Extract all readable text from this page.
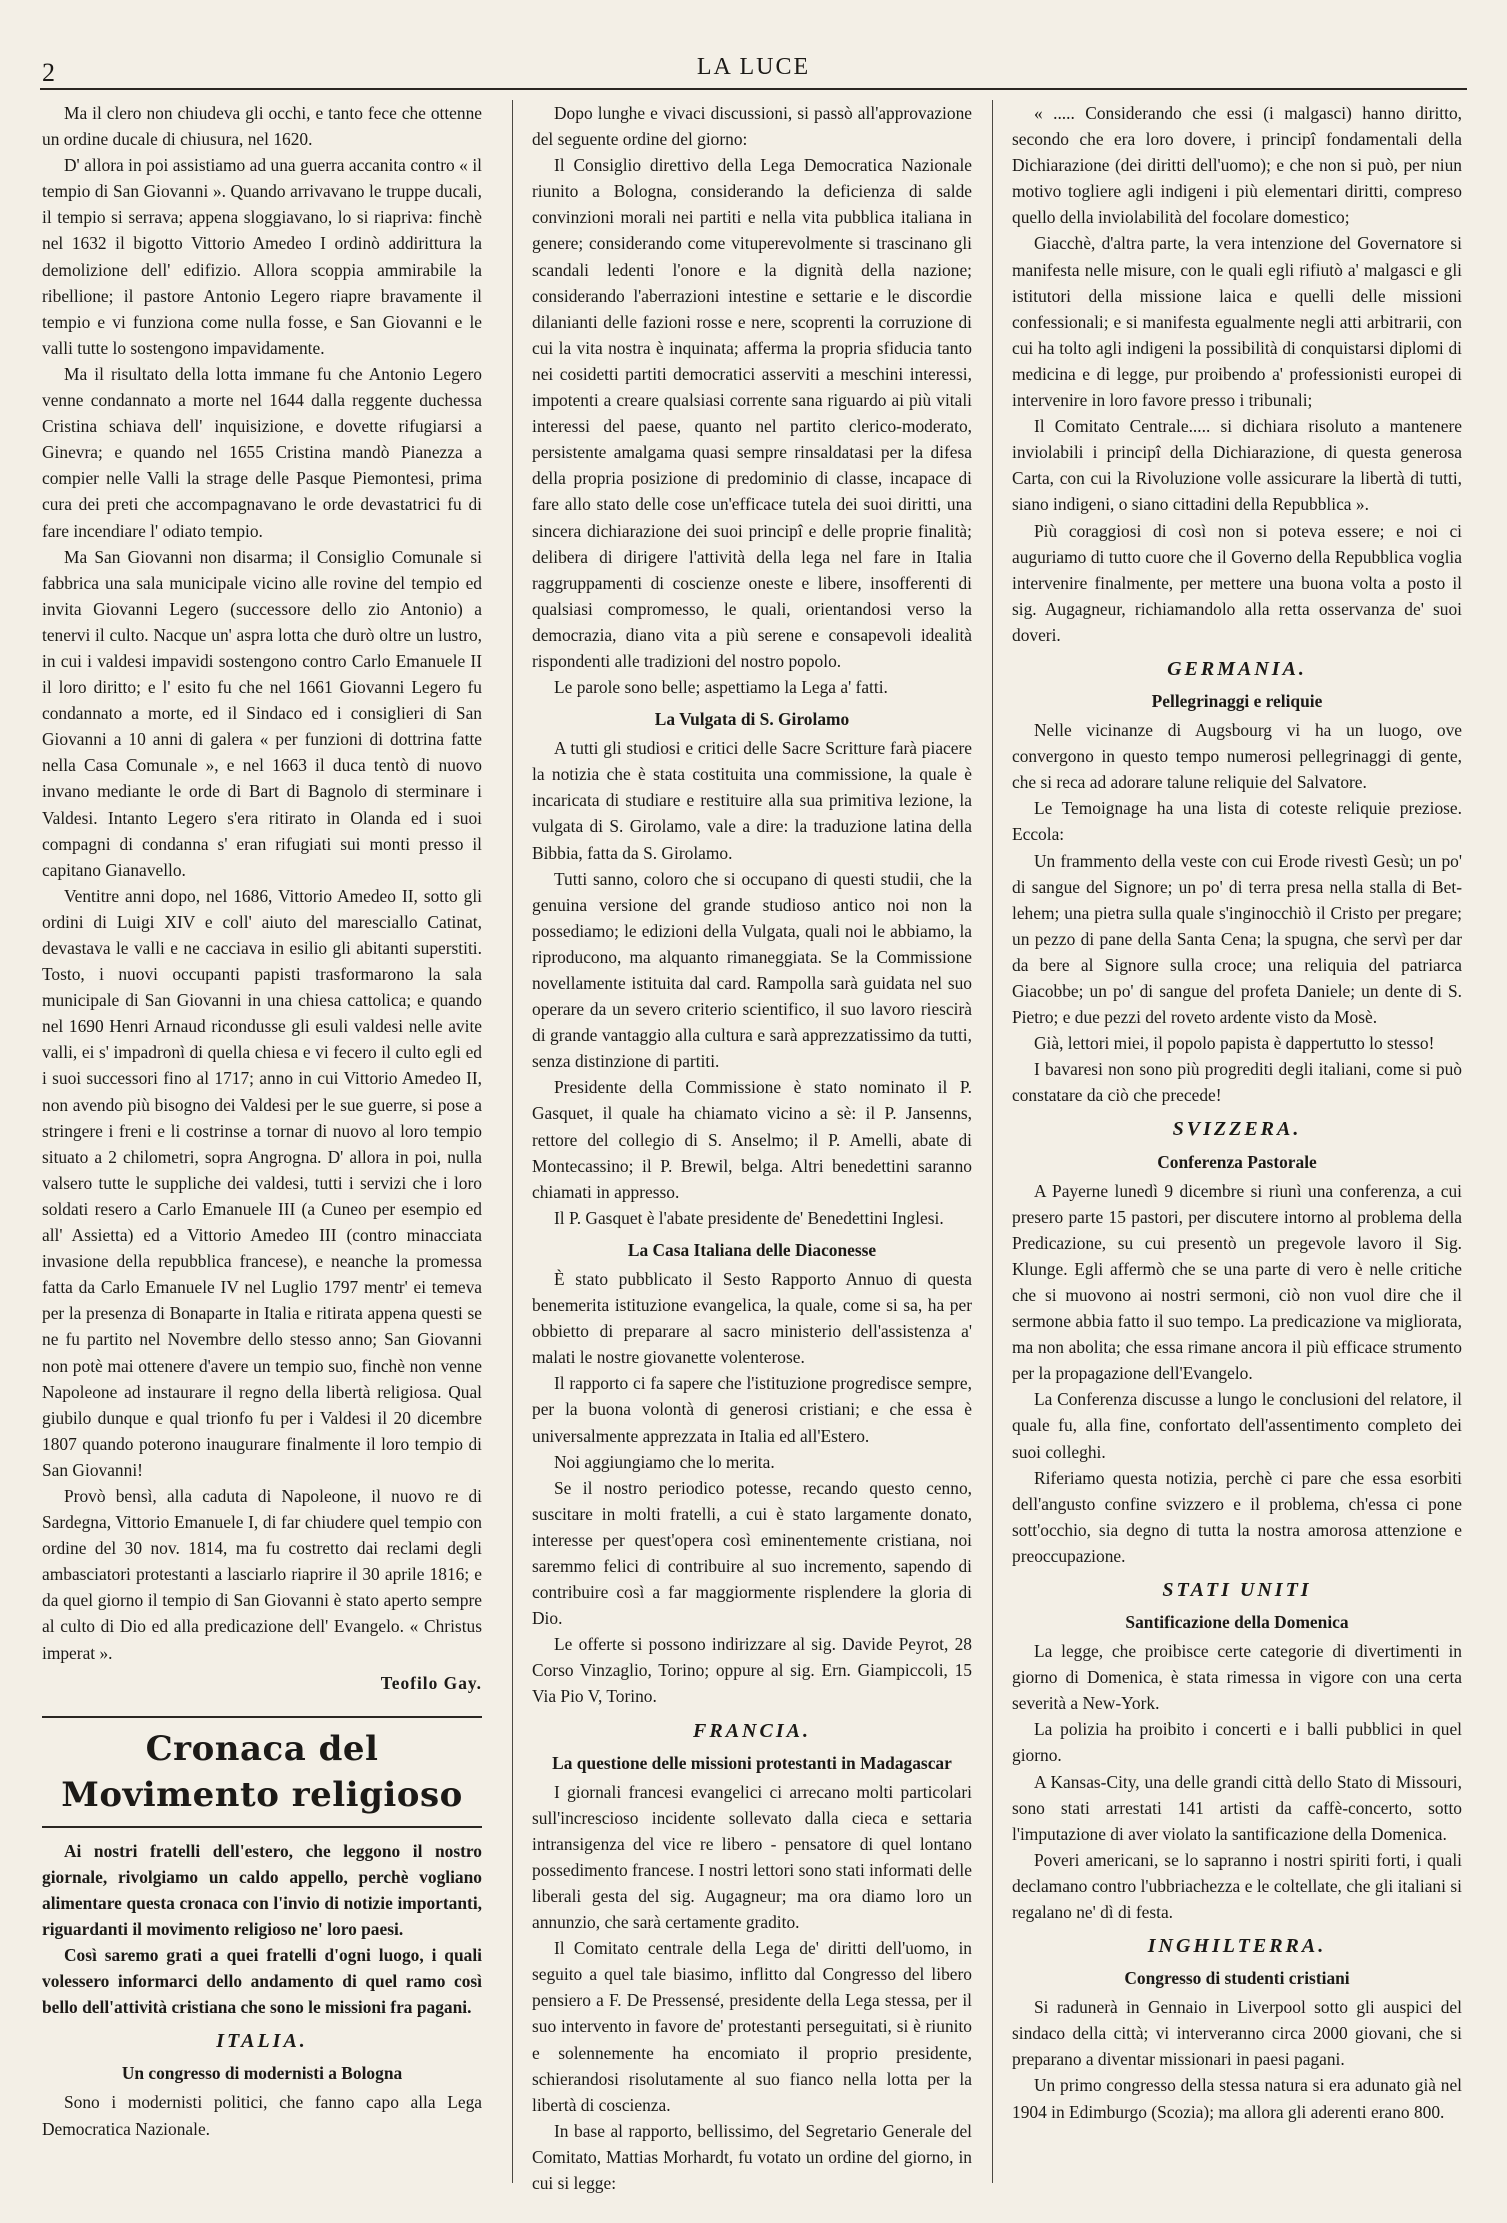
2	LA LUCE

Ma il clero non chiudeva gli occhi, e tanto fece che ottenne un ordine ducale di chiusura, nel 1620.

D' allora in poi assistiamo ad una guerra accanita contro « il tempio di San Giovanni ». Quando arrivavano le truppe ducali, il tempio si serrava; appena sloggiavano, lo si riapriva: finchè nel 1632 il bigotto Vittorio Amedeo I ordinò addirittura la demolizione dell' edifizio. Allora scoppia ammirabile la ribellione; il pastore Antonio Legero riapre bravamente il tempio e vi funziona come nulla fosse, e San Giovanni e le valli tutte lo sostengono impavidamente.

Ma il risultato della lotta immane fu che Antonio Legero venne condannato a morte nel 1644 dalla reggente duchessa Cristina schiava dell' inquisizione, e dovette rifugiarsi a Ginevra; e quando nel 1655 Cristina mandò Pianezza a compier nelle Valli la strage delle Pasque Piemontesi, prima cura dei preti che accompagnavano le orde devastatrici fu di fare incendiare l' odiato tempio.

Ma San Giovanni non disarma; il Consiglio Comunale si fabbrica una sala municipale vicino alle rovine del tempio ed invita Giovanni Legero (successore dello zio Antonio) a tenervi il culto. Nacque un' aspra lotta che durò oltre un lustro, in cui i valdesi impavidi sostengono contro Carlo Emanuele II il loro diritto; e l' esito fu che nel 1661 Giovanni Legero fu condannato a morte, ed il Sindaco ed i consiglieri di San Giovanni a 10 anni di galera « per funzioni di dottrina fatte nella Casa Comunale », e nel 1663 il duca tentò di nuovo invano mediante le orde di Bart di Bagnolo di sterminare i Valdesi. Intanto Legero s'era ritirato in Olanda ed i suoi compagni di condanna s' eran rifugiati sui monti presso il capitano Gianavello.

Ventitre anni dopo, nel 1686, Vittorio Amedeo II, sotto gli ordini di Luigi XIV e coll' aiuto del maresciallo Catinat, devastava le valli e ne cacciava in esilio gli abitanti superstiti. Tosto, i nuovi occupanti papisti trasformarono la sala municipale di San Giovanni in una chiesa cattolica; e quando nel 1690 Henri Arnaud ricondusse gli esuli valdesi nelle avite valli, ei s' impadronì di quella chiesa e vi fecero il culto egli ed i suoi successori fino al 1717; anno in cui Vittorio Amedeo II, non avendo più bisogno dei Valdesi per le sue guerre, si pose a stringere i freni e li costrinse a tornar di nuovo al loro tempio situato a 2 chilometri, sopra Angrogna. D' allora in poi, nulla valsero tutte le suppliche dei valdesi, tutti i servizi che i loro soldati resero a Carlo Emanuele III (a Cuneo per esempio ed all' Assietta) ed a Vittorio Amedeo III (contro minacciata invasione della repubblica francese), e neanche la promessa fatta da Carlo Emanuele IV nel Luglio 1797 mentr' ei temeva per la presenza di Bonaparte in Italia e ritirata appena questi se ne fu partito nel Novembre dello stesso anno; San Giovanni non potè mai ottenere d'avere un tempio suo, finchè non venne Napoleone ad instaurare il regno della libertà religiosa. Qual giubilo dunque e qual trionfo fu per i Valdesi il 20 dicembre 1807 quando poterono inaugurare finalmente il loro tempio di San Giovanni!

Provò bensì, alla caduta di Napoleone, il nuovo re di Sardegna, Vittorio Emanuele I, di far chiudere quel tempio con ordine del 30 nov. 1814, ma fu costretto dai reclami degli ambasciatori protestanti a lasciarlo riaprire il 30 aprile 1816; e da quel giorno il tempio di San Giovanni è stato aperto sempre al culto di Dio ed alla predicazione dell' Evangelo. « Christus imperat ».

Teofilo Gay.

Cronaca del Movimento religioso

Ai nostri fratelli dell'estero, che leggono il nostro giornale, rivolgiamo un caldo appello, perchè vogliano alimentare questa cronaca con l'invio di notizie importanti, riguardanti il movimento religioso ne' loro paesi.

Così saremo grati a quei fratelli d'ogni luogo, i quali volessero informarci dello andamento di quel ramo così bello dell'attività cristiana che sono le missioni fra pagani.

ITALIA.
Un congresso di modernisti a Bologna

Sono i modernisti politici, che fanno capo alla Lega Democratica Nazionale.

Dopo lunghe e vivaci discussioni, si passò all'approvazione del seguente ordine del giorno:

Il Consiglio direttivo della Lega Democratica Nazionale riunito a Bologna, considerando la deficienza di salde convinzioni morali nei partiti e nella vita pubblica italiana in genere; considerando come vituperevolmente si trascinano gli scandali ledenti l'onore e la dignità della nazione; considerando l'aberrazioni intestine e settarie e le discordie dilanianti delle fazioni rosse e nere, scoprenti la corruzione di cui la vita nostra è inquinata; afferma la propria sfiducia tanto nei cosidetti partiti democratici asserviti a meschini interessi, impotenti a creare qualsiasi corrente sana riguardo ai più vitali interessi del paese, quanto nel partito clerico-moderato, persistente amalgama quasi sempre rinsaldatasi per la difesa della propria posizione di predominio di classe, incapace di fare allo stato delle cose un'efficace tutela dei suoi diritti, una sincera dichiarazione dei suoi principî e delle proprie finalità; delibera di dirigere l'attività della lega nel fare in Italia raggruppamenti di coscienze oneste e libere, insofferenti di qualsiasi compromesso, le quali, orientandosi verso la democrazia, diano vita a più serene e consapevoli idealità rispondenti alle tradizioni del nostro popolo.

Le parole sono belle; aspettiamo la Lega a' fatti.

La Vulgata di S. Girolamo

A tutti gli studiosi e critici delle Sacre Scritture farà piacere la notizia che è stata costituita una commissione, la quale è incaricata di studiare e restituire alla sua primitiva lezione, la vulgata di S. Girolamo, vale a dire: la traduzione latina della Bibbia, fatta da S. Girolamo.

Tutti sanno, coloro che si occupano di questi studii, che la genuina versione del grande studioso antico noi non la possediamo; le edizioni della Vulgata, quali noi le abbiamo, la riproducono, ma alquanto rimaneggiata. Se la Commissione novellamente istituita dal card. Rampolla sarà guidata nel suo operare da un severo criterio scientifico, il suo lavoro riescirà di grande vantaggio alla cultura e sarà apprezzatissimo da tutti, senza distinzione di partiti.

Presidente della Commissione è stato nominato il P. Gasquet, il quale ha chiamato vicino a sè: il P. Jansenns, rettore del collegio di S. Anselmo; il P. Amelli, abate di Montecassino; il P. Brewil, belga. Altri benedettini saranno chiamati in appresso.

Il P. Gasquet è l'abate presidente de' Benedettini Inglesi.

La Casa Italiana delle Diaconesse

È stato pubblicato il Sesto Rapporto Annuo di questa benemerita istituzione evangelica, la quale, come si sa, ha per obbietto di preparare al sacro ministerio dell'assistenza a' malati le nostre giovanette volenterose.

Il rapporto ci fa sapere che l'istituzione progredisce sempre, per la buona volontà di generosi cristiani; e che essa è universalmente apprezzata in Italia ed all'Estero.

Noi aggiungiamo che lo merita.

Se il nostro periodico potesse, recando questo cenno, suscitare in molti fratelli, a cui è stato largamente donato, interesse per quest'opera così eminentemente cristiana, noi saremmo felici di contribuire al suo incremento, sapendo di contribuire così a far maggiormente risplendere la gloria di Dio.

Le offerte si possono indirizzare al sig. Davide Peyrot, 28 Corso Vinzaglio, Torino; oppure al sig. Ern. Giampiccoli, 15 Via Pio V, Torino.

FRANCIA.
La questione delle missioni protestanti in Madagascar

I giornali francesi evangelici ci arrecano molti particolari sull'increscioso incidente sollevato dalla cieca e settaria intransigenza del vice re libero - pensatore di quel lontano possedimento francese. I nostri lettori sono stati informati delle liberali gesta del sig. Augagneur; ma ora diamo loro un annunzio, che sarà certamente gradito.

Il Comitato centrale della Lega de' diritti dell'uomo, in seguito a quel tale biasimo, inflitto dal Congresso del libero pensiero a F. De Pressensé, presidente della Lega stessa, per il suo intervento in favore de' protestanti perseguitati, si è riunito e solennemente ha encomiato il proprio presidente, schierandosi risolutamente al suo fianco nella lotta per la libertà di coscienza.

In base al rapporto, bellissimo, del Segretario Generale del Comitato, Mattias Morhardt, fu votato un ordine del giorno, in cui si legge:

« ..... Considerando che essi (i malgasci) hanno diritto, secondo che era loro dovere, i principî fondamentali della Dichiarazione (dei diritti dell'uomo); e che non si può, per niun motivo togliere agli indigeni i più elementari diritti, compreso quello della inviolabilità del focolare domestico;

Giacchè, d'altra parte, la vera intenzione del Governatore si manifesta nelle misure, con le quali egli rifiutò a' malgasci e gli istitutori della missione laica e quelli delle missioni confessionali; e si manifesta egualmente negli atti arbitrarii, con cui ha tolto agli indigeni la possibilità di conquistarsi diplomi di medicina e di legge, pur proibendo a' professionisti europei di intervenire in loro favore presso i tribunali;

Il Comitato Centrale..... si dichiara risoluto a mantenere inviolabili i principî della Dichiarazione, di questa generosa Carta, con cui la Rivoluzione volle assicurare la libertà di tutti, siano indigeni, o siano cittadini della Repubblica ».

Più coraggiosi di così non si poteva essere; e noi ci auguriamo di tutto cuore che il Governo della Repubblica voglia intervenire finalmente, per mettere una buona volta a posto il sig. Augagneur, richiamandolo alla retta osservanza de' suoi doveri.

GERMANIA.
Pellegrinaggi e reliquie

Nelle vicinanze di Augsbourg vi ha un luogo, ove convergono in questo tempo numerosi pellegrinaggi di gente, che si reca ad adorare talune reliquie del Salvatore.

Le Temoignage ha una lista di coteste reliquie preziose. Eccola:

Un frammento della veste con cui Erode rivestì Gesù; un po' di sangue del Signore; un po' di terra presa nella stalla di Bet-lehem; una pietra sulla quale s'inginocchiò il Cristo per pregare; un pezzo di pane della Santa Cena; la spugna, che servì per dar da bere al Signore sulla croce; una reliquia del patriarca Giacobbe; un po' di sangue del profeta Daniele; un dente di S. Pietro; e due pezzi del roveto ardente visto da Mosè.

Già, lettori miei, il popolo papista è dappertutto lo stesso!

I bavaresi non sono più progrediti degli italiani, come si può constatare da ciò che precede!

SVIZZERA.
Conferenza Pastorale

A Payerne lunedì 9 dicembre si riunì una conferenza, a cui presero parte 15 pastori, per discutere intorno al problema della Predicazione, su cui presentò un pregevole lavoro il Sig. Klunge. Egli affermò che se una parte di vero è nelle critiche che si muovono ai nostri sermoni, ciò non vuol dire che il sermone abbia fatto il suo tempo. La predicazione va migliorata, ma non abolita; che essa rimane ancora il più efficace strumento per la propagazione dell'Evangelo.

La Conferenza discusse a lungo le conclusioni del relatore, il quale fu, alla fine, confortato dell'assentimento completo dei suoi colleghi.

Riferiamo questa notizia, perchè ci pare che essa esorbiti dell'angusto confine svizzero e il problema, ch'essa ci pone sott'occhio, sia degno di tutta la nostra amorosa attenzione e preoccupazione.

STATI UNITI
Santificazione della Domenica

La legge, che proibisce certe categorie di divertimenti in giorno di Domenica, è stata rimessa in vigore con una certa severità a New-York.

La polizia ha proibito i concerti e i balli pubblici in quel giorno.

A Kansas-City, una delle grandi città dello Stato di Missouri, sono stati arrestati 141 artisti da caffè-concerto, sotto l'imputazione di aver violato la santificazione della Domenica.

Poveri americani, se lo sapranno i nostri spiriti forti, i quali declamano contro l'ubbriachezza e le coltellate, che gli italiani si regalano ne' dì di festa.

INGHILTERRA.
Congresso di studenti cristiani

Si radunerà in Gennaio in Liverpool sotto gli auspici del sindaco della città; vi interveranno circa 2000 giovani, che si preparano a diventar missionari in paesi pagani.

Un primo congresso della stessa natura si era adunato già nel 1904 in Edimburgo (Scozia); ma allora gli aderenti erano 800.
